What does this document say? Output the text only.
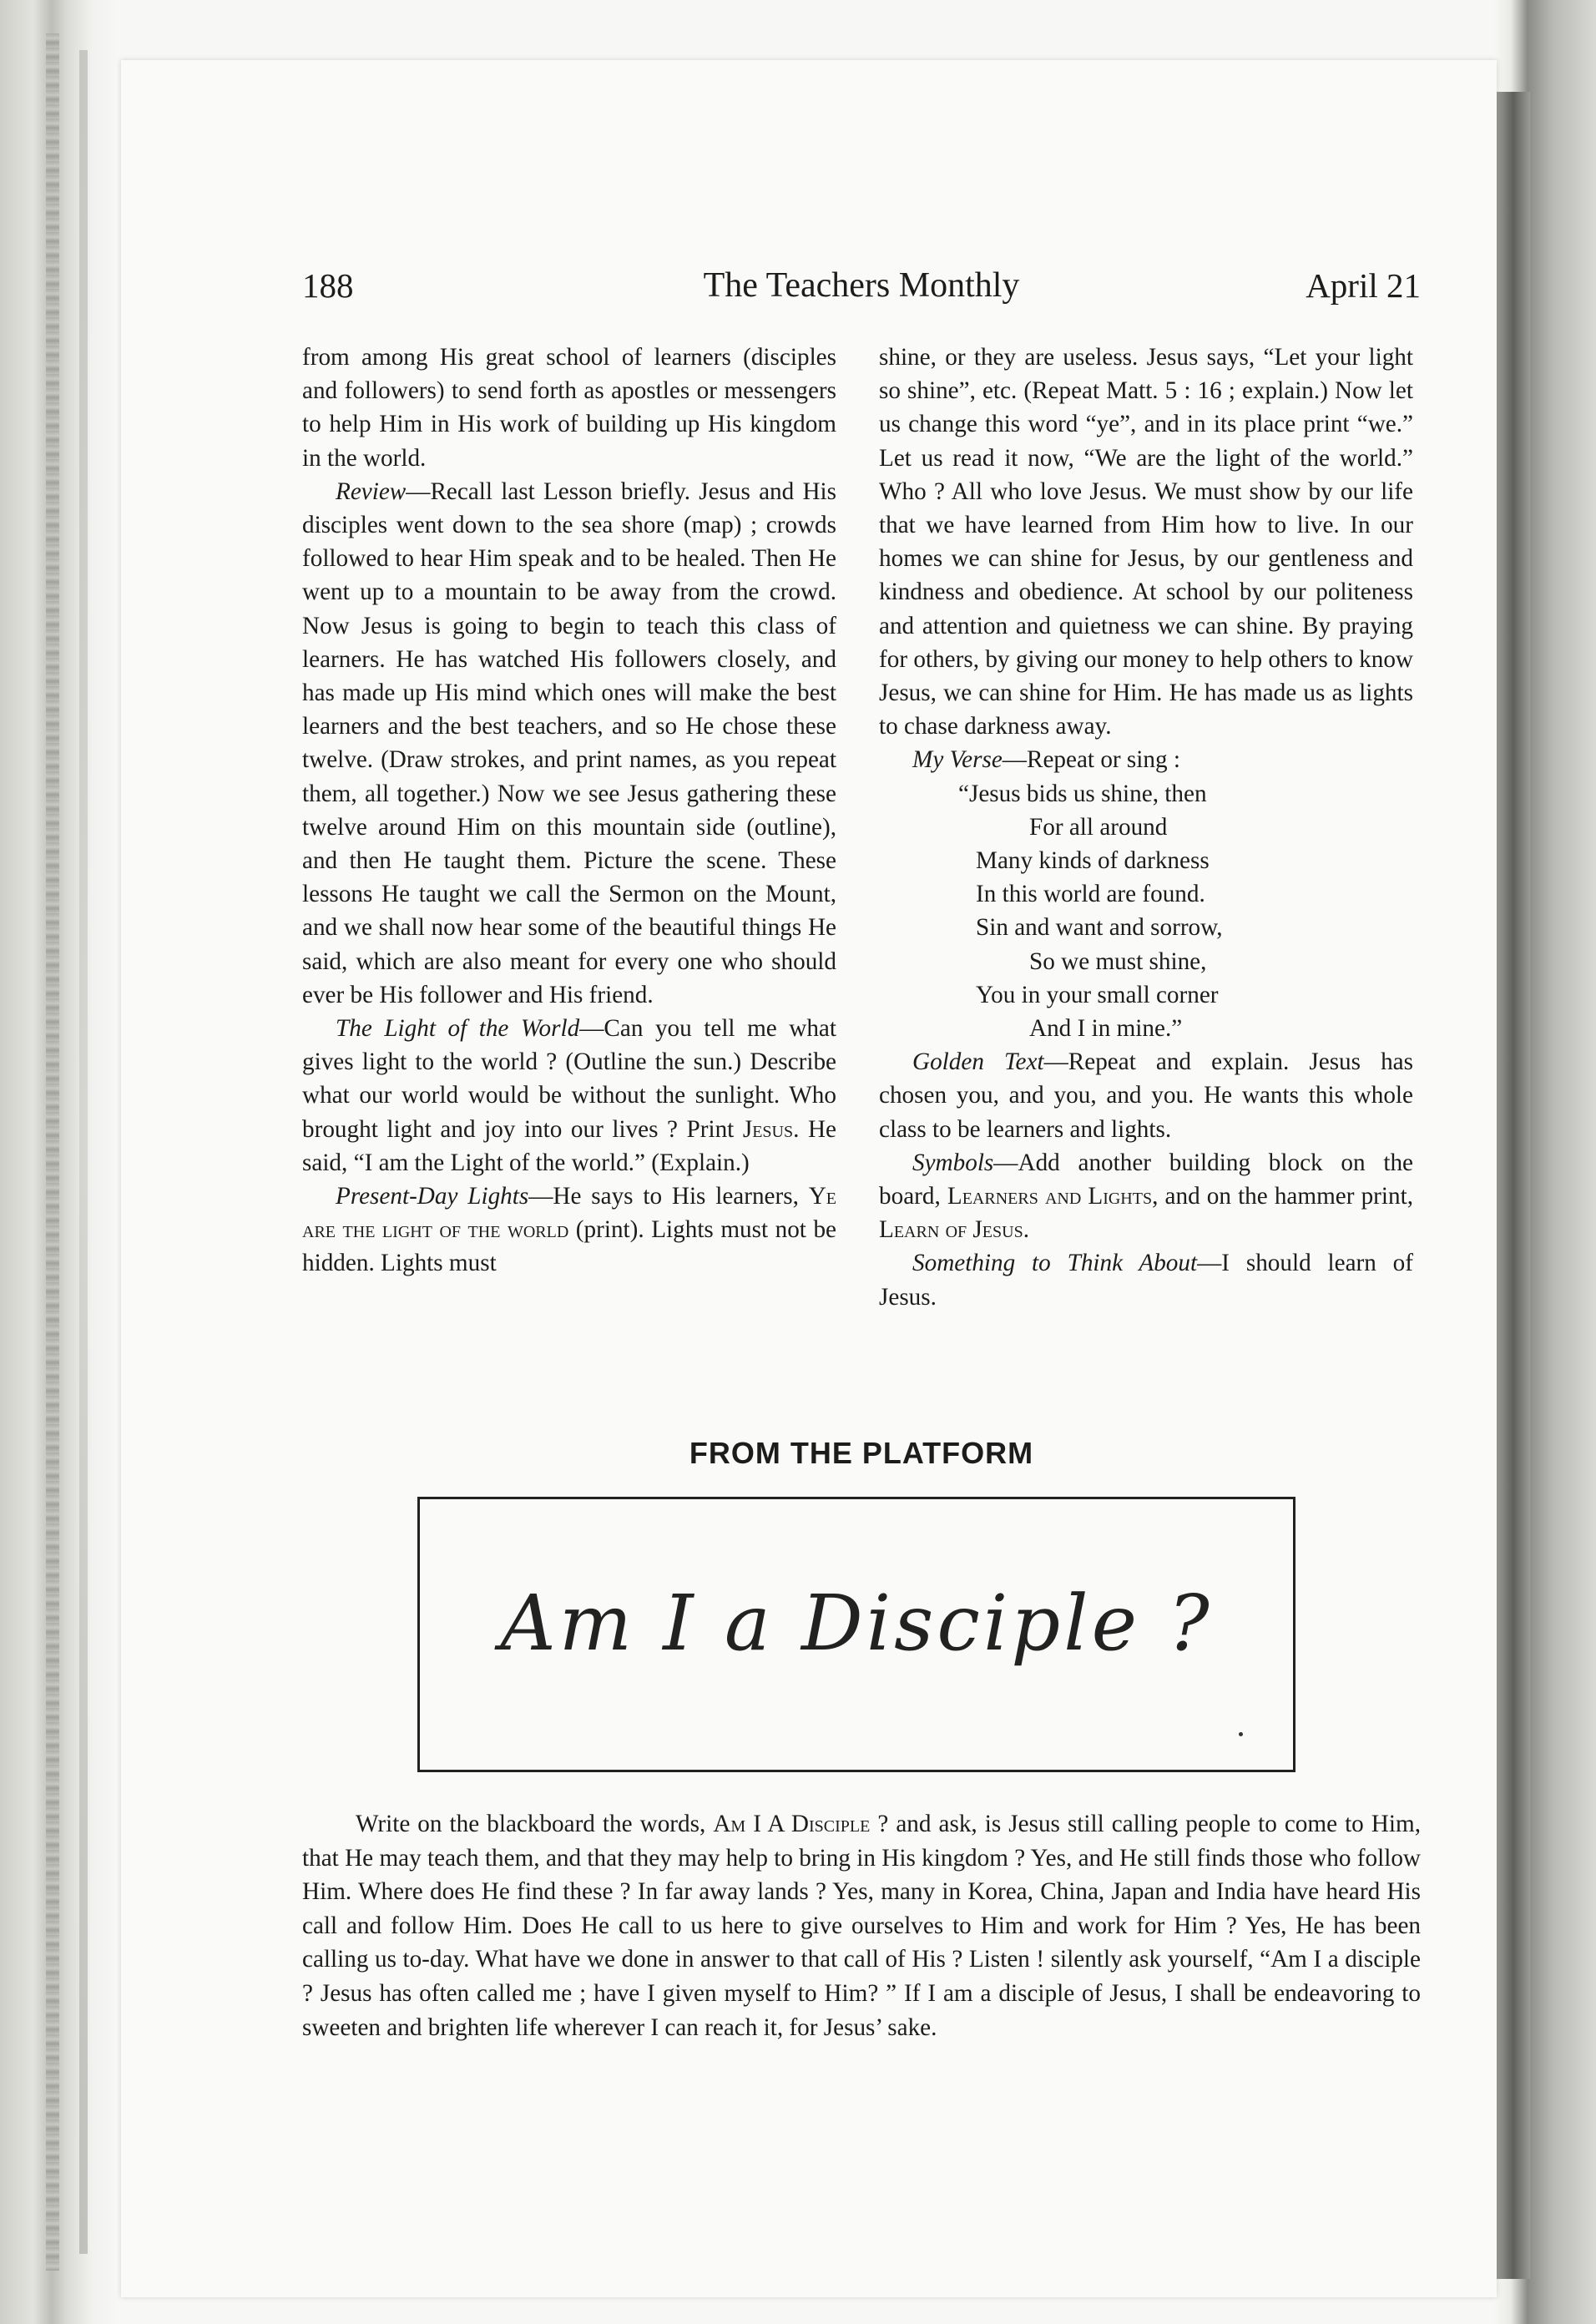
188	The Teachers Monthly	April 21

from among His great school of learners (disciples and followers) to send forth as apostles or messengers to help Him in His work of building up His kingdom in the world.

Review—Recall last Lesson briefly. Jesus and His disciples went down to the sea shore (map) ; crowds followed to hear Him speak and to be healed. Then He went up to a mountain to be away from the crowd. Now Jesus is going to begin to teach this class of learners. He has watched His followers closely, and has made up His mind which ones will make the best learners and the best teachers, and so He chose these twelve. (Draw strokes, and print names, as you repeat them, all together.) Now we see Jesus gathering these twelve around Him on this mountain side (outline), and then He taught them. Picture the scene. These lessons He taught we call the Sermon on the Mount, and we shall now hear some of the beautiful things He said, which are also meant for every one who should ever be His follower and His friend.

The Light of the World—Can you tell me what gives light to the world ? (Outline the sun.) Describe what our world would be without the sunlight. Who brought light and joy into our lives ? Print Jesus. He said, “I am the Light of the world.” (Explain.)

Present-Day Lights—He says to His learners, Ye are the light of the world (print). Lights must not be hidden. Lights must

shine, or they are useless. Jesus says, “Let your light so shine”, etc. (Repeat Matt. 5 : 16 ; explain.) Now let us change this word “ye”, and in its place print “we.” Let us read it now, “We are the light of the world.” Who ? All who love Jesus. We must show by our life that we have learned from Him how to live. In our homes we can shine for Jesus, by our gentleness and kindness and obedience. At school by our politeness and attention and quietness we can shine. By praying for others, by giving our money to help others to know Jesus, we can shine for Him. He has made us as lights to chase darkness away.

My Verse—Repeat or sing :

“Jesus bids us shine, then
For all around
Many kinds of darkness
In this world are found.
Sin and want and sorrow,
So we must shine,
You in your small corner
And I in mine.”

Golden Text—Repeat and explain. Jesus has chosen you, and you, and you. He wants this whole class to be learners and lights.

Symbols—Add another building block on the board, Learners and Lights, and on the hammer print, Learn of Jesus.

Something to Think About—I should learn of Jesus.

FROM THE PLATFORM
Am I a Disciple ?
Write on the blackboard the words, Am I A Disciple ? and ask, is Jesus still calling people to come to Him, that He may teach them, and that they may help to bring in His kingdom ? Yes, and He still finds those who follow Him. Where does He find these ? In far away lands ? Yes, many in Korea, China, Japan and India have heard His call and follow Him. Does He call to us here to give ourselves to Him and work for Him ? Yes, He has been calling us to-day. What have we done in answer to that call of His ? Listen ! silently ask yourself, “Am I a disciple ? Jesus has often called me ; have I given myself to Him? ” If I am a disciple of Jesus, I shall be endeavoring to sweeten and brighten life wherever I can reach it, for Jesus’ sake.
